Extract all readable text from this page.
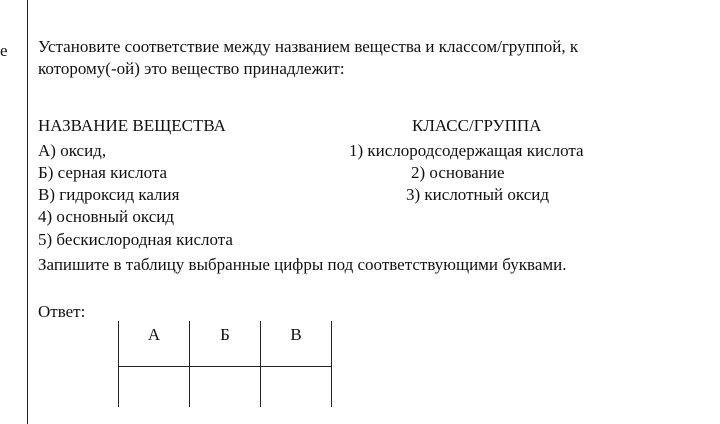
е Установите соответствие между названием вещества и классом/группой, к
которому(-ой) это вещество принадлежит:
НАЗВАНИЕ ВЕЩЕСТВА	КЛАСС/ГРУППА
А) оксид,	1) кислородсодержащая кислота
Б) серная кислота	2) основание
В) гидроксид калия	3) кислотный оксид
4) основный оксид
5) бескислородная кислота
Запишите в таблицу выбранные цифры под соответствующими буквами.
Ответ:
А	Б	В
